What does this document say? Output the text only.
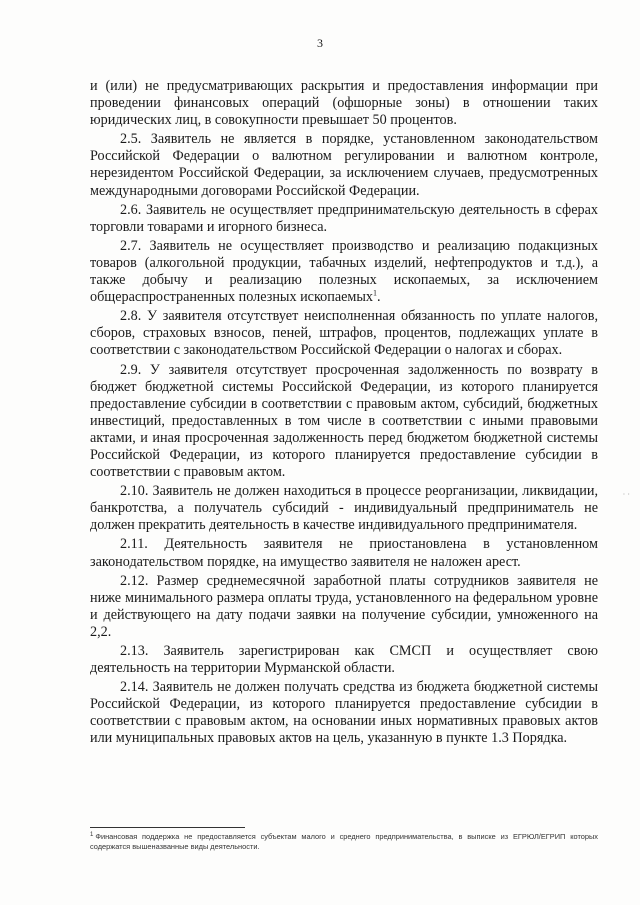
3

и (или) не предусматривающих раскрытия и предоставления информации при проведении финансовых операций (офшорные зоны) в отношении таких юридических лиц, в совокупности превышает 50 процентов.

2.5. Заявитель не является в порядке, установленном законодательством Российской Федерации о валютном регулировании и валютном контроле, нерезидентом Российской Федерации, за исключением случаев, предусмотренных международными договорами Российской Федерации.

2.6. Заявитель не осуществляет предпринимательскую деятельность в сферах торговли товарами и игорного бизнеса.

2.7. Заявитель не осуществляет производство и реализацию подакцизных товаров (алкогольной продукции, табачных изделий, нефтепродуктов и т.д.), а также добычу и реализацию полезных ископаемых, за исключением общераспространенных полезных ископаемых$^1$.

2.8. У заявителя отсутствует неисполненная обязанность по уплате налогов, сборов, страховых взносов, пеней, штрафов, процентов, подлежащих уплате в соответствии с законодательством Российской Федерации о налогах и сборах.

2.9. У заявителя отсутствует просроченная задолженность по возврату в бюджет бюджетной системы Российской Федерации, из которого планируется предоставление субсидии в соответствии с правовым актом, субсидий, бюджетных инвестиций, предоставленных в том числе в соответствии с иными правовыми актами, и иная просроченная задолженность перед бюджетом бюджетной системы Российской Федерации, из которого планируется предоставление субсидии в соответствии с правовым актом.

2.10. Заявитель не должен находиться в процессе реорганизации, ликвидации, банкротства, а получатель субсидий - индивидуальный предприниматель не должен прекратить деятельность в качестве индивидуального предпринимателя.

2.11. Деятельность заявителя не приостановлена в установленном законодательством порядке, на имущество заявителя не наложен арест.

2.12. Размер среднемесячной заработной платы сотрудников заявителя не ниже минимального размера оплаты труда, установленного на федеральном уровне и действующего на дату подачи заявки на получение субсидии, умноженного на 2,2.

2.13. Заявитель зарегистрирован как СМСП и осуществляет свою деятельность на территории Мурманской области.

2.14. Заявитель не должен получать средства из бюджета бюджетной системы Российской Федерации, из которого планируется предоставление субсидии в соответствии с правовым актом, на основании иных нормативных правовых актов или муниципальных правовых актов на цель, указанную в пункте 1.3 Порядка.

$^1$ Финансовая поддержка не предоставляется субъектам малого и среднего предпринимательства, в выписке из ЕГРЮЛ/ЕГРИП которых содержатся вышеназванные виды деятельности.
· ·
